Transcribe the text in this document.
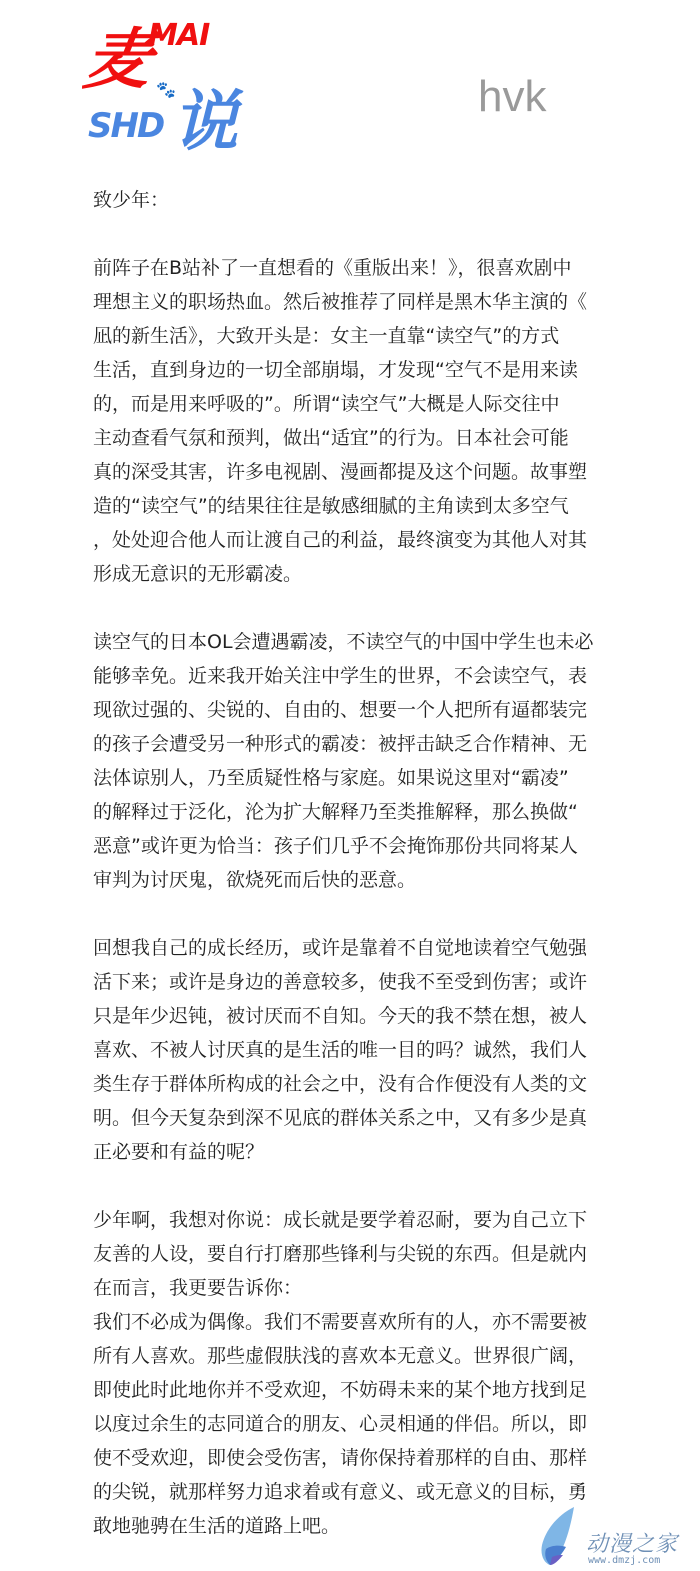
麦
MAI
🐾
说
SHD
hvk
致少年：
前阵子在B站补了一直想看的《重版出来！》，很喜欢剧中
理想主义的职场热血。然后被推荐了同样是黑木华主演的《
凪的新生活》，大致开头是：女主一直靠“读空气”的方式
生活，直到身边的一切全部崩塌，才发现“空气不是用来读
的，而是用来呼吸的”。所谓“读空气”大概是人际交往中
主动查看气氛和预判，做出“适宜”的行为。日本社会可能
真的深受其害，许多电视剧、漫画都提及这个问题。故事塑
造的“读空气”的结果往往是敏感细腻的主角读到太多空气
，处处迎合他人而让渡自己的利益，最终演变为其他人对其
形成无意识的无形霸凌。
读空气的日本OL会遭遇霸凌，不读空气的中国中学生也未必
能够幸免。近来我开始关注中学生的世界，不会读空气，表
现欲过强的、尖锐的、自由的、想要一个人把所有逼都装完
的孩子会遭受另一种形式的霸凌：被抨击缺乏合作精神、无
法体谅别人，乃至质疑性格与家庭。如果说这里对“霸凌”
的解释过于泛化，沦为扩大解释乃至类推解释，那么换做“
恶意”或许更为恰当：孩子们几乎不会掩饰那份共同将某人
审判为讨厌鬼，欲烧死而后快的恶意。
回想我自己的成长经历，或许是靠着不自觉地读着空气勉强
活下来；或许是身边的善意较多，使我不至受到伤害；或许
只是年少迟钝，被讨厌而不自知。今天的我不禁在想，被人
喜欢、不被人讨厌真的是生活的唯一目的吗？诚然，我们人
类生存于群体所构成的社会之中，没有合作便没有人类的文
明。但今天复杂到深不见底的群体关系之中，又有多少是真
正必要和有益的呢？
少年啊，我想对你说：成长就是要学着忍耐，要为自己立下
友善的人设，要自行打磨那些锋利与尖锐的东西。但是就内
在而言，我更要告诉你：
我们不必成为偶像。我们不需要喜欢所有的人，亦不需要被
所有人喜欢。那些虚假肤浅的喜欢本无意义。世界很广阔，
即使此时此地你并不受欢迎，不妨碍未来的某个地方找到足
以度过余生的志同道合的朋友、心灵相通的伴侣。所以，即
使不受欢迎，即使会受伤害，请你保持着那样的自由、那样
的尖锐，就那样努力追求着或有意义、或无意义的目标，勇
敢地驰骋在生活的道路上吧。
动漫之家
www.dmzj.com
